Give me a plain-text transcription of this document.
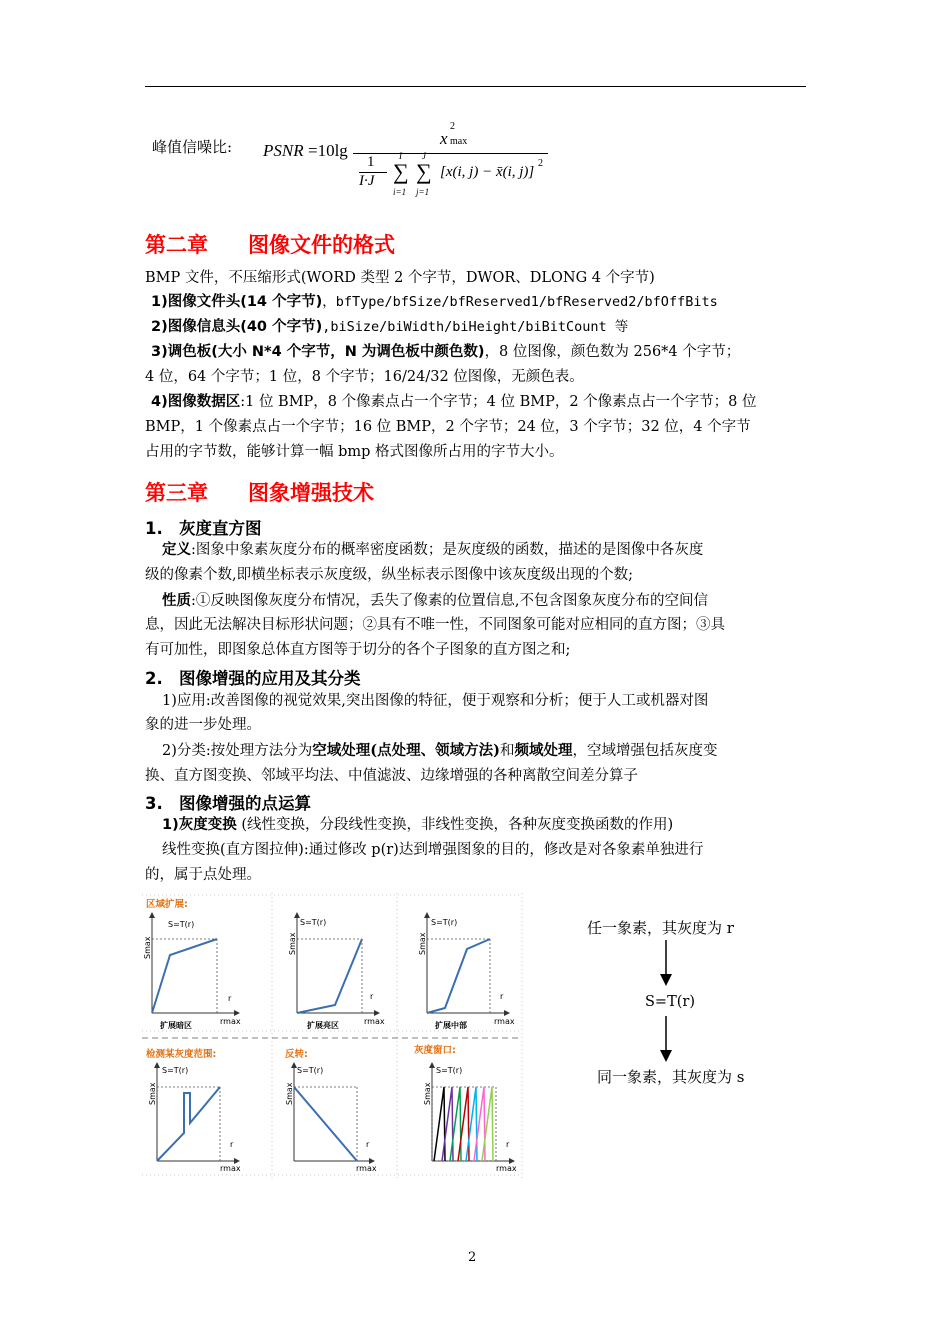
峰值信噪比: PSNR =10lg
x
2
max
1
I·J
I
∑
i=1
J
∑
j=1
[x(i, j) − x̄(i, j)]
2
第二章 图像文件的格式
BMP 文件，不压缩形式(WORD 类型 2 个字节，DWOR、DLONG 4 个字节)
1)图像文件头(14 个字节)，bfType/bfSize/bfReserved1/bfReserved2/bfOffBits
2)图像信息头(40 个字节),biSize/biWidth/biHeight/biBitCount 等
3)调色板(大小 N*4 个字节，N 为调色板中颜色数)，8 位图像，颜色数为 256*4 个字节；
4 位，64 个字节；1 位，8 个字节；16/24/32 位图像，无颜色表。
4)图像数据区:1 位 BMP，8 个像素点占一个字节；4 位 BMP，2 个像素点占一个字节；8 位
BMP，1 个像素点占一个字节；16 位 BMP，2 个字节；24 位，3 个字节；32 位，4 个字节
占用的字节数，能够计算一幅 bmp 格式图像所占用的字节大小。
第三章 图象增强技术
1. 灰度直方图
定义:图象中象素灰度分布的概率密度函数；是灰度级的函数，描述的是图像中各灰度
级的像素个数,即横坐标表示灰度级，纵坐标表示图像中该灰度级出现的个数;
性质:①反映图像灰度分布情况，丢失了像素的位置信息,不包含图象灰度分布的空间信
息，因此无法解决目标形状问题；②具有不唯一性，不同图象可能对应相同的直方图；③具
有可加性，即图象总体直方图等于切分的各个子图象的直方图之和;
2. 图像增强的应用及其分类
1)应用:改善图像的视觉效果,突出图像的特征，便于观察和分析；便于人工或机器对图
象的进一步处理。
2)分类:按处理方法分为空域处理(点处理、领域方法)和频域处理，空域增强包括灰度变
换、直方图变换、邻域平均法、中值滤波、边缘增强的各种离散空间差分算子
3. 图像增强的点运算
1)灰度变换 (线性变换，分段线性变换，非线性变换，各种灰度变换函数的作用)
线性变换(直方图拉伸):通过修改 p(r)达到增强图象的目的，修改是对各象素单独进行
的，属于点处理。
区域扩展:
检测某灰度范围:	反转:	灰度窗口:
S=T(r)
Smax
r
rmax
扩展暗区
S=T(r)
Smax
r
rmax
扩展亮区
S=T(r)
Smax
r
rmax
扩展中部
S=T(r)
Smax
r
rmax
S=T(r)
Smax
r
rmax
S=T(r)
Smax
r
rmax
任一象素，其灰度为 r
S=T(r)
同一象素，其灰度为 s
2
